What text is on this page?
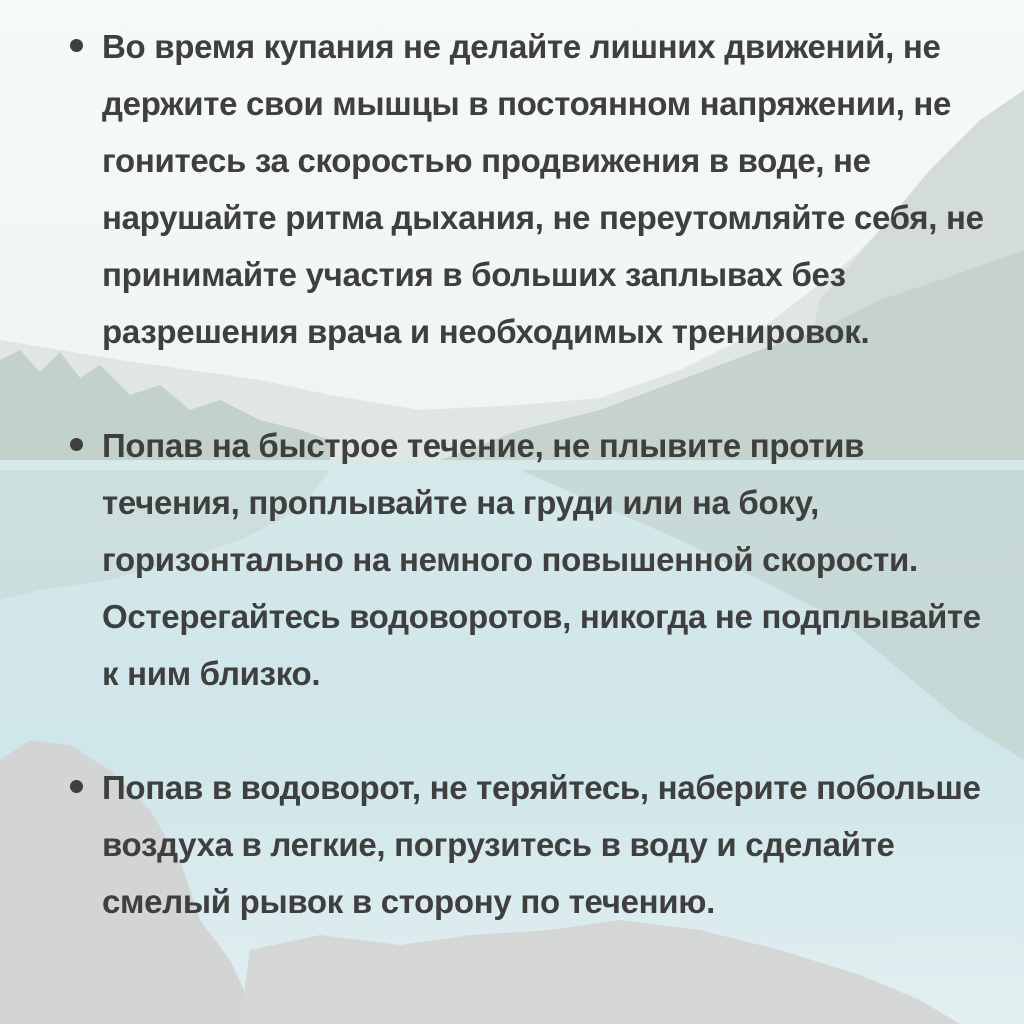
Во время купания не делайте лишних движений, не держите свои мышцы в постоянном напряжении, не гонитесь за скоростью продвижения в воде, не нарушайте ритма дыхания, не переутомляйте себя, не принимайте участия в больших заплывах без разрешения врача и необходимых тренировок.
Попав на быстрое течение, не плывите против течения, проплывайте на груди или на боку, горизонтально на немного повышенной скорости. Остерегайтесь водоворотов, никогда не подплывайте к ним близко.
Попав в водоворот, не теряйтесь, наберите побольше воздуха в легкие, погрузитесь в воду и сделайте смелый рывок в сторону по течению.
